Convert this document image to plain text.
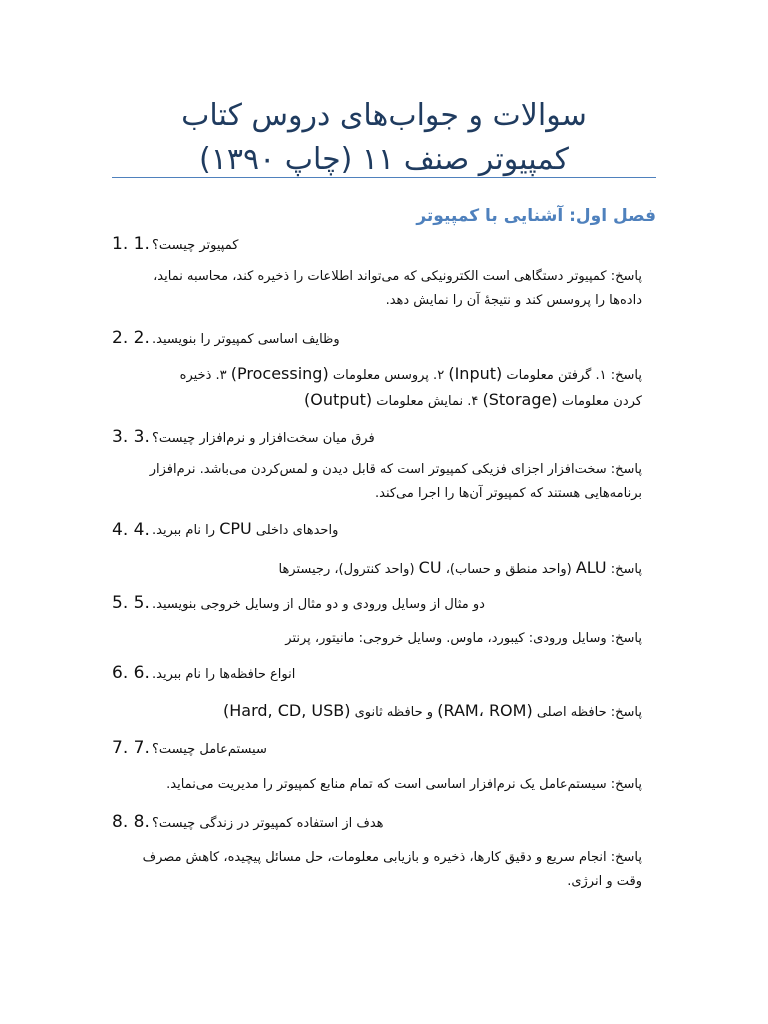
سوالات و جواب‌های دروس کتاب
کمپیوتر صنف ۱۱ (چاپ ۱۳۹۰)
فصل اول: آشنایی با کمپیوتر
1. 1. کمپیوتر چیست؟
پاسخ: کمپیوتر دستگاهی است الکترونیکی که می‌تواند اطلاعات را ذخیره کند، محاسبه نماید،
داده‌ها را پروسس کند و نتیجهٔ آن را نمایش دهد.
2. 2. وظایف اساسی کمپیوتر را بنویسید.
پاسخ: ۱. گرفتن معلومات (Input) ۲. پروسس معلومات (Processing) ۳. ذخیره
کردن معلومات (Storage) ۴. نمایش معلومات (Output)
3. 3. فرق میان سخت‌افزار و نرم‌افزار چیست؟
پاسخ: سخت‌افزار اجزای فزیکی کمپیوتر است که قابل دیدن و لمس‌کردن می‌باشد. نرم‌افزار
برنامه‌هایی هستند که کمپیوتر آن‌ها را اجرا می‌کند.
4. 4.	واحدهای داخلی CPU را نام ببرید.
پاسخ: ALU (واحد منطق و حساب)، CU (واحد کنترول)، رجیسترها
5. 5. دو مثال از وسایل ورودی و دو مثال از وسایل خروجی بنویسید.
پاسخ: وسایل ورودی: کیبورد، ماوس. وسایل خروجی: مانیتور، پرنتر
6. 6. انواع حافظه‌ها را نام ببرید.
پاسخ: حافظه اصلی (RAM، ROM) و حافظه ثانوی (Hard, CD, USB)
7. 7. سیستم‌عامل چیست؟
پاسخ: سیستم‌عامل یک نرم‌افزار اساسی است که تمام منابع کمپیوتر را مدیریت می‌نماید.
8. 8. هدف از استفاده کمپیوتر در زندگی چیست؟
پاسخ: انجام سریع و دقیق کارها، ذخیره و بازیابی معلومات، حل مسائل پیچیده، کاهش مصرف
وقت و انرژی.
